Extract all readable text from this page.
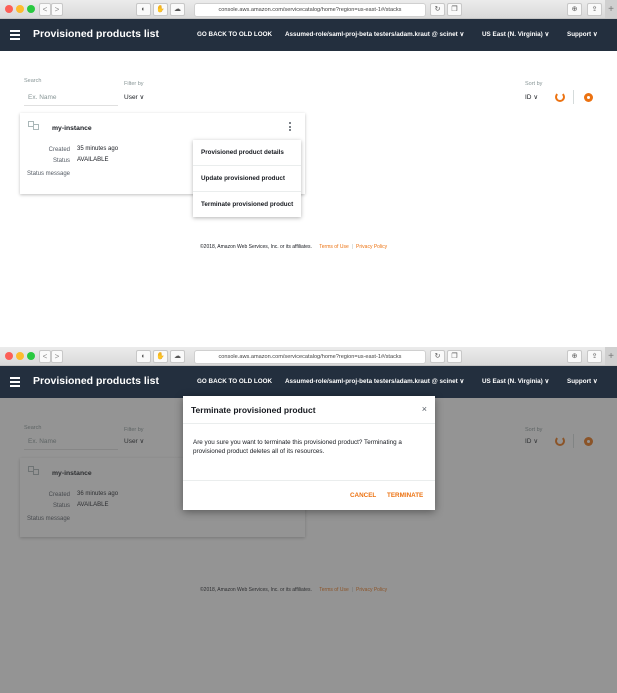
< >	◐	✋	☁	console.aws.amazon.com/servicecatalog/home?region=us-east-1#/stacks	↻	❐	⊕	⇪	+
Provisioned products list	GO BACK TO OLD LOOK Assumed-role/saml-proj-beta testers/adam.kraut @ scinet ∨	US East (N. Virginia) ∨	Support ∨
Search
Ex. Name
Filter by
User ∨
Sort by
ID ∨
my-instance
Created 35 minutes ago
Status AVAILABLE
Status message
Provisioned product details
Update provisioned product
Terminate provisioned product
©2018, Amazon Web Services, Inc. or its affiliates. Terms of Use | Privacy Policy
< >	◐	✋	☁	console.aws.amazon.com/servicecatalog/home?region=us-east-1#/stacks	↻	❐	⊕	⇪	+
Provisioned products list	GO BACK TO OLD LOOK Assumed-role/saml-proj-beta testers/adam.kraut @ scinet ∨	US East (N. Virginia) ∨	Support ∨
Terminate provisioned product	×
Are you sure you want to terminate this provisioned product? Terminating a provisioned product deletes all of its resources.
CANCEL TERMINATE
